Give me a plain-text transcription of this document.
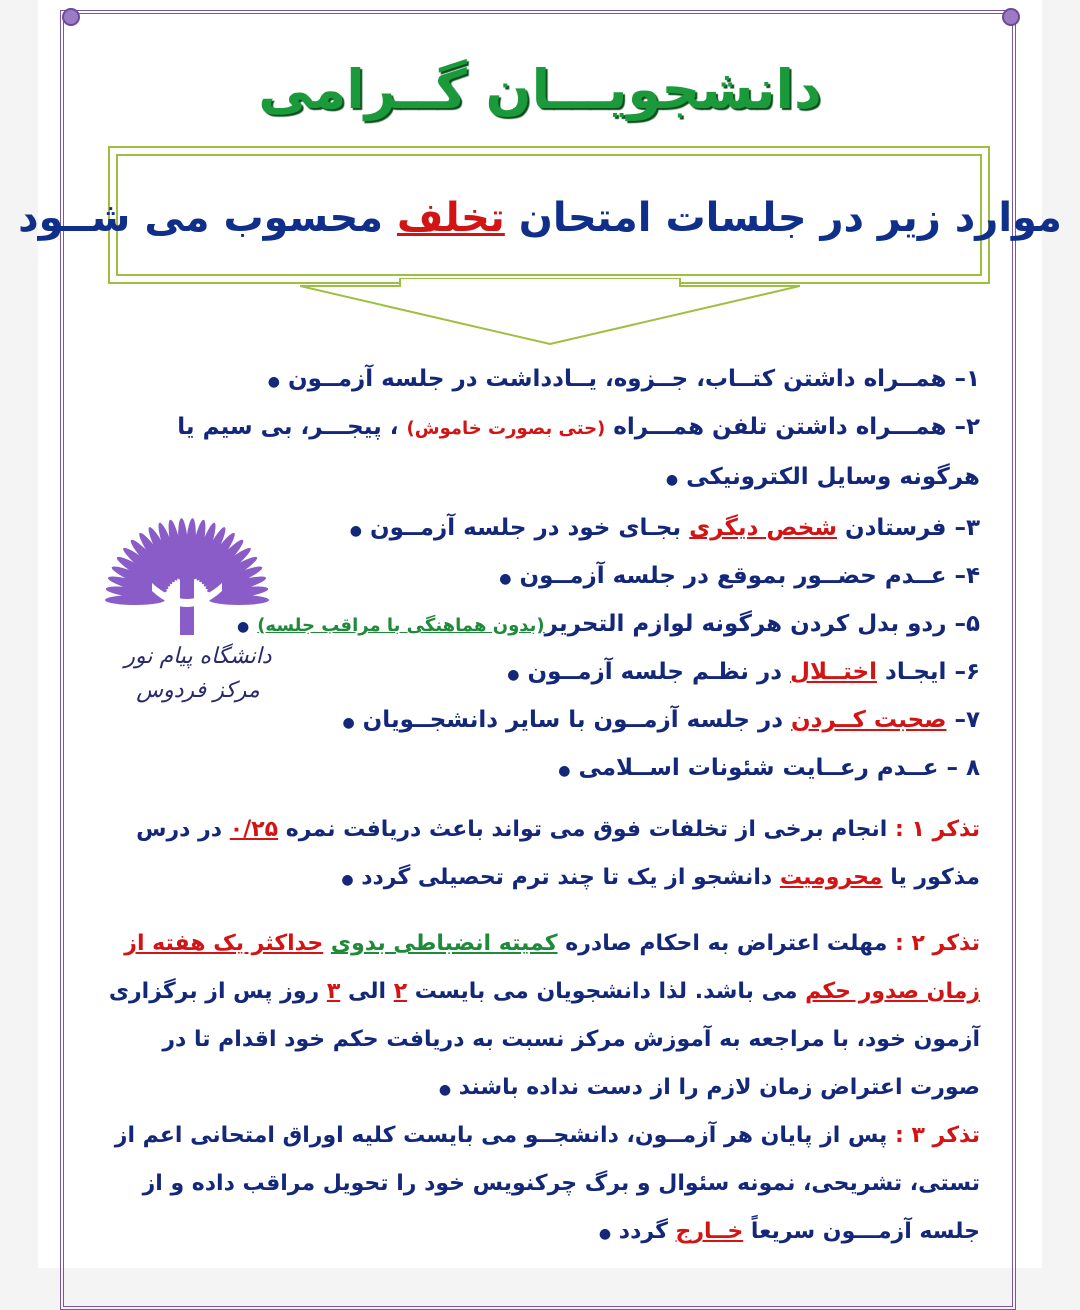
دانشجویـــان گــرامی
موارد زیر در جلسات امتحان تخلف محسوب می شــود
۱– همــراه داشتن کتــاب، جــزوه، یــادداشت در جلسه آزمــون ●
۲– همـــراه داشتن تلفن همـــراه (حتی بصورت خاموش) ، پیجـــر، بی سیم یا هرگونه وسایل الکترونیکی ●
۳– فرستادن شخص دیگری بجـای خود در جلسه آزمــون ●
۴– عــدم حضــور بموقع در جلسه آزمــون ●
۵– ردو بدل کردن هرگونه لوازم التحریر(بدون هماهنگی با مراقب جلسه) ●
۶– ایجـاد اختــلال در نظـم جلسه آزمــون ●
۷– صحبت کــردن در جلسه آزمــون با سایر دانشجــویان ●
۸ – عــدم رعــایت شئونات اســلامی ●
دانشگاه پیام نور
مرکز فردوس
تذکر ۱ : انجام برخی از تخلفات فوق می تواند باعث دریافت نمره ۰/۲۵ در درس مذکور یا محرومیت دانشجو از یک تا چند ترم تحصیلی گردد ●
تذکر ۲ : مهلت اعتراض به احکام صادره کمیته انضباطی بدوی حداکثر یک هفته از زمان صدور حکم می باشد. لذا دانشجویان می بایست ۲ الی ۳ روز پس از برگزاری آزمون خود، با مراجعه به آموزش مرکز نسبت به دریافت حکم خود اقدام تا در صورت اعتراض زمان لازم را از دست نداده باشند ●
تذکر ۳ : پس از پایان هر آزمــون، دانشجــو می بایست کلیه اوراق امتحانی اعم از تستی، تشریحی، نمونه سئوال و برگ چرکنویس خود را تحویل مراقب داده و از جلسه آزمـــون سریعاً خــارج گردد ●
